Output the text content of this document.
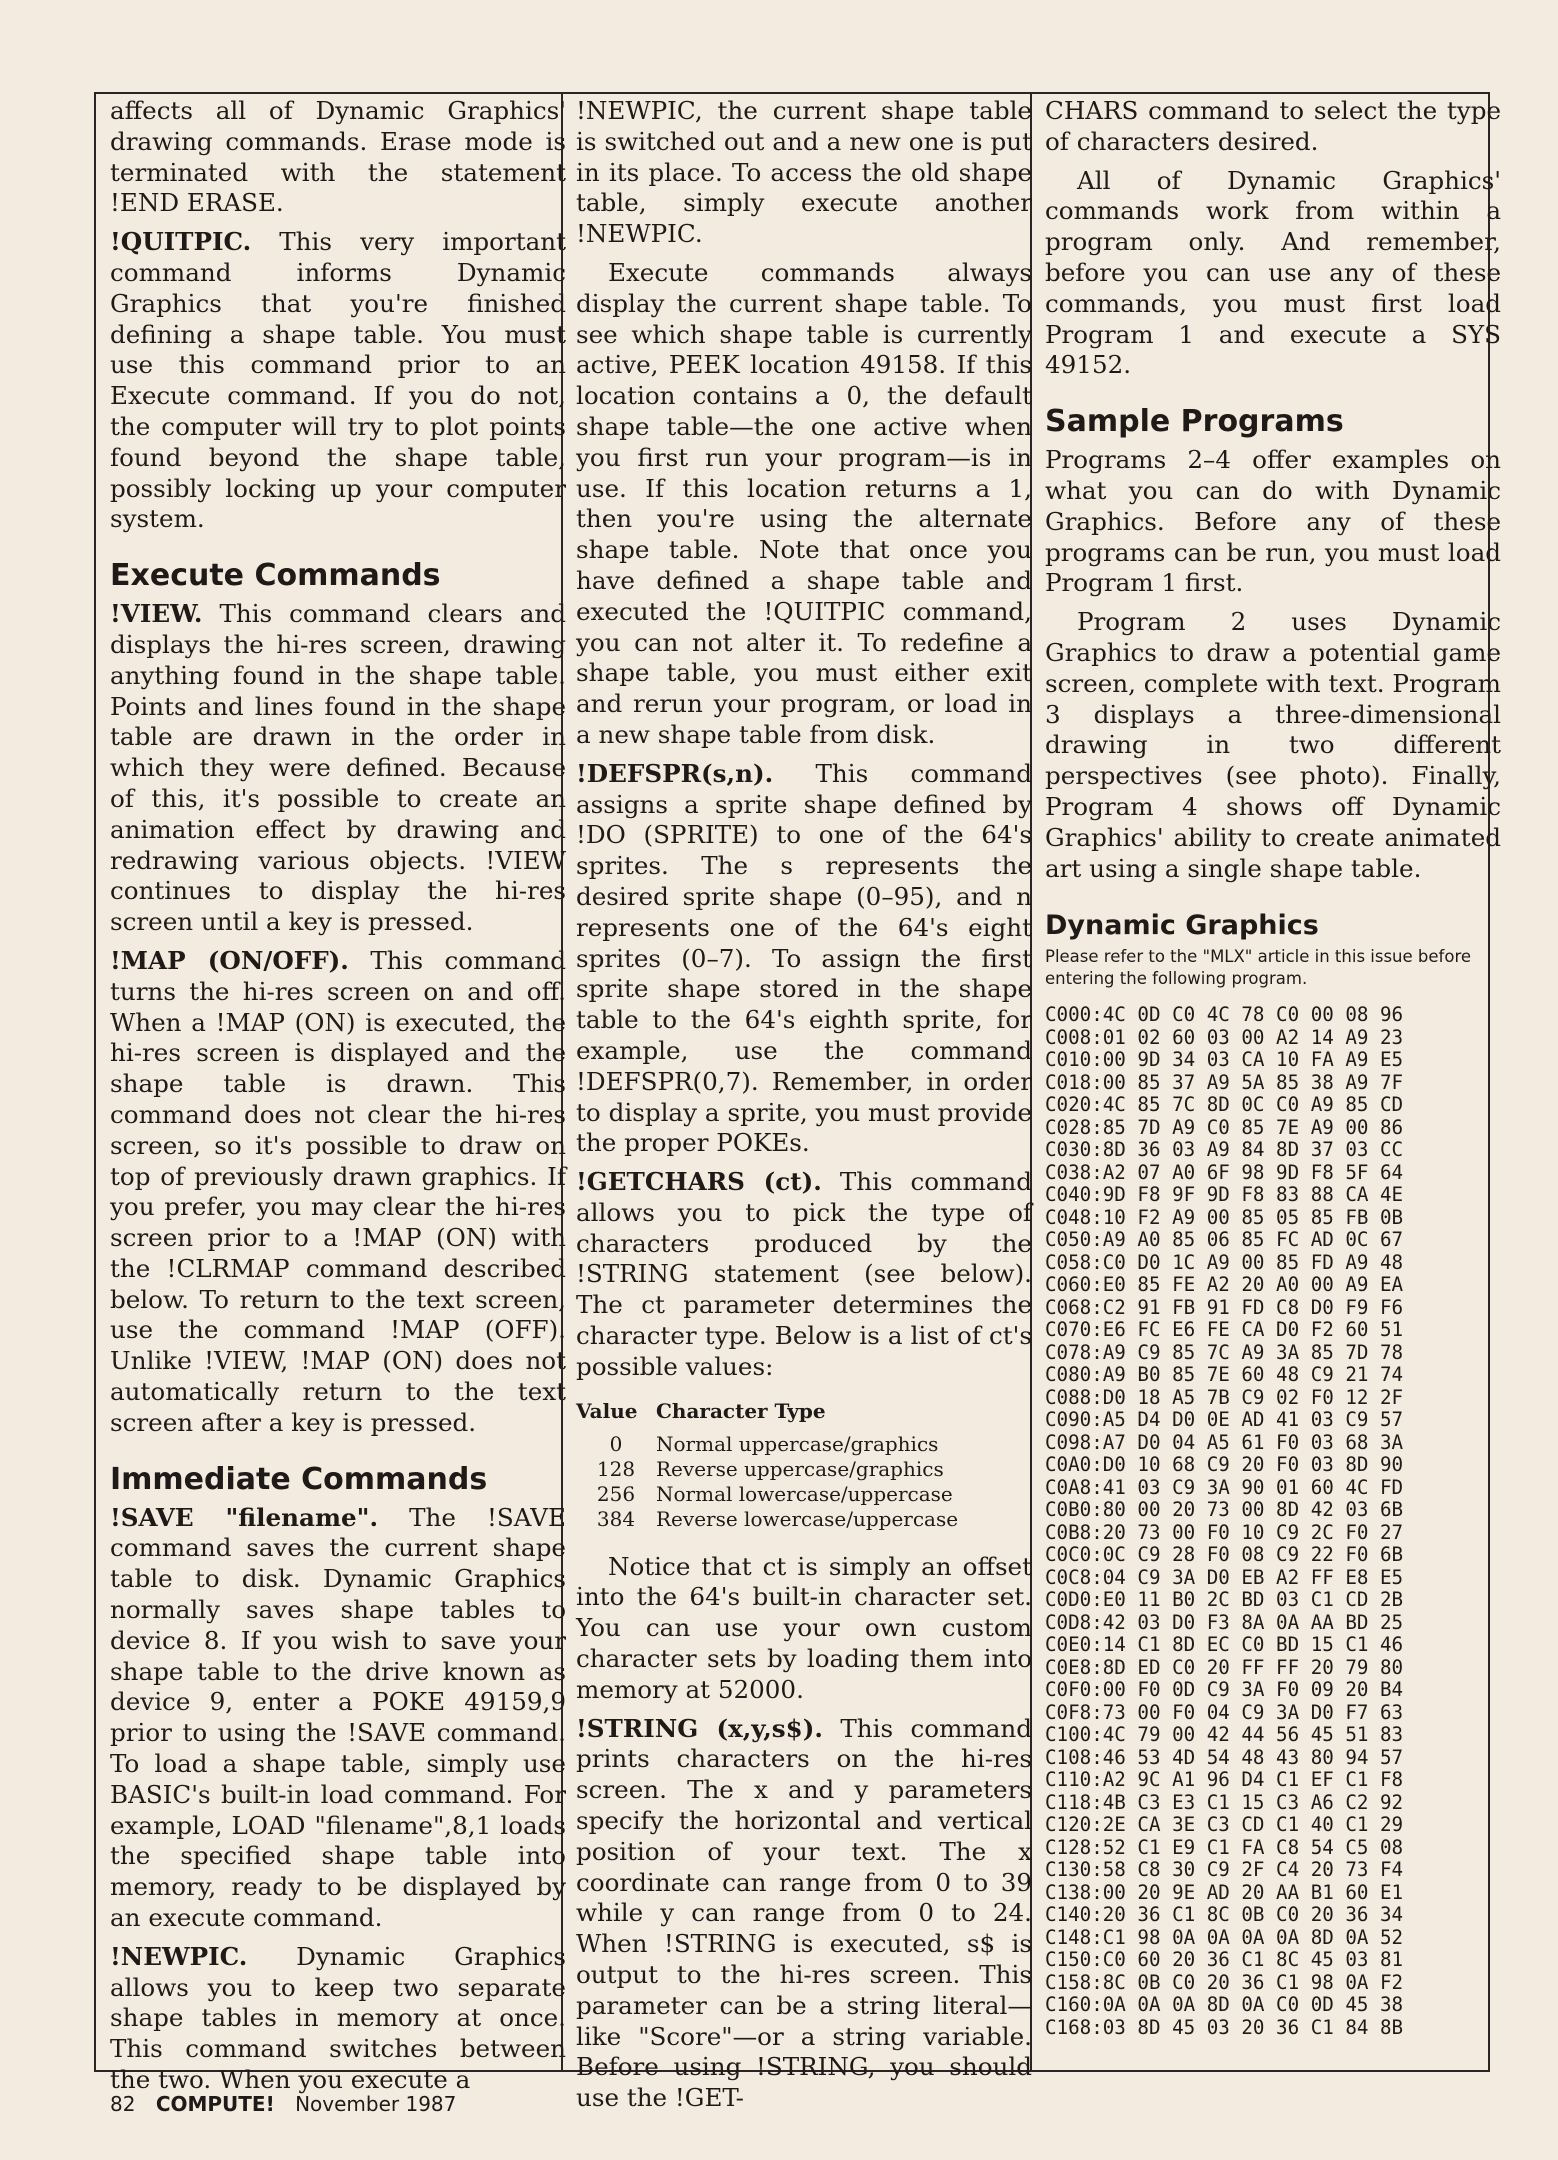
affects all of Dynamic Graphics' drawing commands. Erase mode is terminated with the statement !END ERASE.

!QUITPIC. This very important command informs Dynamic Graphics that you're finished defining a shape table. You must use this command prior to an Execute command. If you do not, the computer will try to plot points found beyond the shape table, possibly locking up your computer system.

Execute Commands

!VIEW. This command clears and displays the hi-res screen, drawing anything found in the shape table. Points and lines found in the shape table are drawn in the order in which they were defined. Because of this, it's possible to create an animation effect by drawing and redrawing various objects. !VIEW continues to display the hi-res screen until a key is pressed.

!MAP (ON/OFF). This command turns the hi-res screen on and off. When a !MAP (ON) is executed, the hi-res screen is displayed and the shape table is drawn. This command does not clear the hi-res screen, so it's possible to draw on top of previously drawn graphics. If you prefer, you may clear the hi-res screen prior to a !MAP (ON) with the !CLRMAP command described below. To return to the text screen, use the command !MAP (OFF). Unlike !VIEW, !MAP (ON) does not automatically return to the text screen after a key is pressed.

Immediate Commands

!SAVE "filename". The !SAVE command saves the current shape table to disk. Dynamic Graphics normally saves shape tables to device 8. If you wish to save your shape table to the drive known as device 9, enter a POKE 49159,9 prior to using the !SAVE command. To load a shape table, simply use BASIC's built-in load command. For example, LOAD "filename",8,1 loads the specified shape table into memory, ready to be displayed by an execute command.

!NEWPIC. Dynamic Graphics allows you to keep two separate shape tables in memory at once. This command switches between the two. When you execute a

!NEWPIC, the current shape table is switched out and a new one is put in its place. To access the old shape table, simply execute another !NEWPIC.

Execute commands always display the current shape table. To see which shape table is currently active, PEEK location 49158. If this location contains a 0, the default shape table—the one active when you first run your program—is in use. If this location returns a 1, then you're using the alternate shape table. Note that once you have defined a shape table and executed the !QUITPIC command, you can not alter it. To redefine a shape table, you must either exit and rerun your program, or load in a new shape table from disk.

!DEFSPR(s,n). This command assigns a sprite shape defined by !DO (SPRITE) to one of the 64's sprites. The s represents the desired sprite shape (0–95), and n represents one of the 64's eight sprites (0–7). To assign the first sprite shape stored in the shape table to the 64's eighth sprite, for example, use the command !DEFSPR(0,7). Remember, in order to display a sprite, you must provide the proper POKEs.

!GETCHARS (ct). This command allows you to pick the type of characters produced by the !STRING statement (see below). The ct parameter determines the character type. Below is a list of ct's possible values:

Value	Character Type
0	Normal uppercase/graphics
128	Reverse uppercase/graphics
256	Normal lowercase/uppercase
384	Reverse lowercase/uppercase

Notice that ct is simply an offset into the 64's built-in character set. You can use your own custom character sets by loading them into memory at 52000.

!STRING (x,y,s$). This command prints characters on the hi-res screen. The x and y parameters specify the horizontal and vertical position of your text. The x coordinate can range from 0 to 39 while y can range from 0 to 24. When !STRING is executed, s$ is output to the hi-res screen. This parameter can be a string literal—like "Score"—or a string variable. Before using !STRING, you should use the !GET-

CHARS command to select the type of characters desired.

All of Dynamic Graphics' commands work from within a program only. And remember, before you can use any of these commands, you must first load Program 1 and execute a SYS 49152.

Sample Programs

Programs 2–4 offer examples on what you can do with Dynamic Graphics. Before any of these programs can be run, you must load Program 1 first.

Program 2 uses Dynamic Graphics to draw a potential game screen, complete with text. Program 3 displays a three-dimensional drawing in two different perspectives (see photo). Finally, Program 4 shows off Dynamic Graphics' ability to create animated art using a single shape table.

Dynamic Graphics
Please refer to the "MLX" article in this issue before entering the following program.
C000:4C 0D C0 4C 78 C0 00 08 96
C008:01 02 60 03 00 A2 14 A9 23
C010:00 9D 34 03 CA 10 FA A9 E5
C018:00 85 37 A9 5A 85 38 A9 7F
C020:4C 85 7C 8D 0C C0 A9 85 CD
C028:85 7D A9 C0 85 7E A9 00 86
C030:8D 36 03 A9 84 8D 37 03 CC
C038:A2 07 A0 6F 98 9D F8 5F 64
C040:9D F8 9F 9D F8 83 88 CA 4E
C048:10 F2 A9 00 85 05 85 FB 0B
C050:A9 A0 85 06 85 FC AD 0C 67
C058:C0 D0 1C A9 00 85 FD A9 48
C060:E0 85 FE A2 20 A0 00 A9 EA
C068:C2 91 FB 91 FD C8 D0 F9 F6
C070:E6 FC E6 FE CA D0 F2 60 51
C078:A9 C9 85 7C A9 3A 85 7D 78
C080:A9 B0 85 7E 60 48 C9 21 74
C088:D0 18 A5 7B C9 02 F0 12 2F
C090:A5 D4 D0 0E AD 41 03 C9 57
C098:A7 D0 04 A5 61 F0 03 68 3A
C0A0:D0 10 68 C9 20 F0 03 8D 90
C0A8:41 03 C9 3A 90 01 60 4C FD
C0B0:80 00 20 73 00 8D 42 03 6B
C0B8:20 73 00 F0 10 C9 2C F0 27
C0C0:0C C9 28 F0 08 C9 22 F0 6B
C0C8:04 C9 3A D0 EB A2 FF E8 E5
C0D0:E0 11 B0 2C BD 03 C1 CD 2B
C0D8:42 03 D0 F3 8A 0A AA BD 25
C0E0:14 C1 8D EC C0 BD 15 C1 46
C0E8:8D ED C0 20 FF FF 20 79 80
C0F0:00 F0 0D C9 3A F0 09 20 B4
C0F8:73 00 F0 04 C9 3A D0 F7 63
C100:4C 79 00 42 44 56 45 51 83
C108:46 53 4D 54 48 43 80 94 57
C110:A2 9C A1 96 D4 C1 EF C1 F8
C118:4B C3 E3 C1 15 C3 A6 C2 92
C120:2E CA 3E C3 CD C1 40 C1 29
C128:52 C1 E9 C1 FA C8 54 C5 08
C130:58 C8 30 C9 2F C4 20 73 F4
C138:00 20 9E AD 20 AA B1 60 E1
C140:20 36 C1 8C 0B C0 20 36 34
C148:C1 98 0A 0A 0A 0A 8D 0A 52
C150:C0 60 20 36 C1 8C 45 03 81
C158:8C 0B C0 20 36 C1 98 0A F2
C160:0A 0A 0A 8D 0A C0 0D 45 38
C168:03 8D 45 03 20 36 C1 84 8B
82 COMPUTE! November 1987
